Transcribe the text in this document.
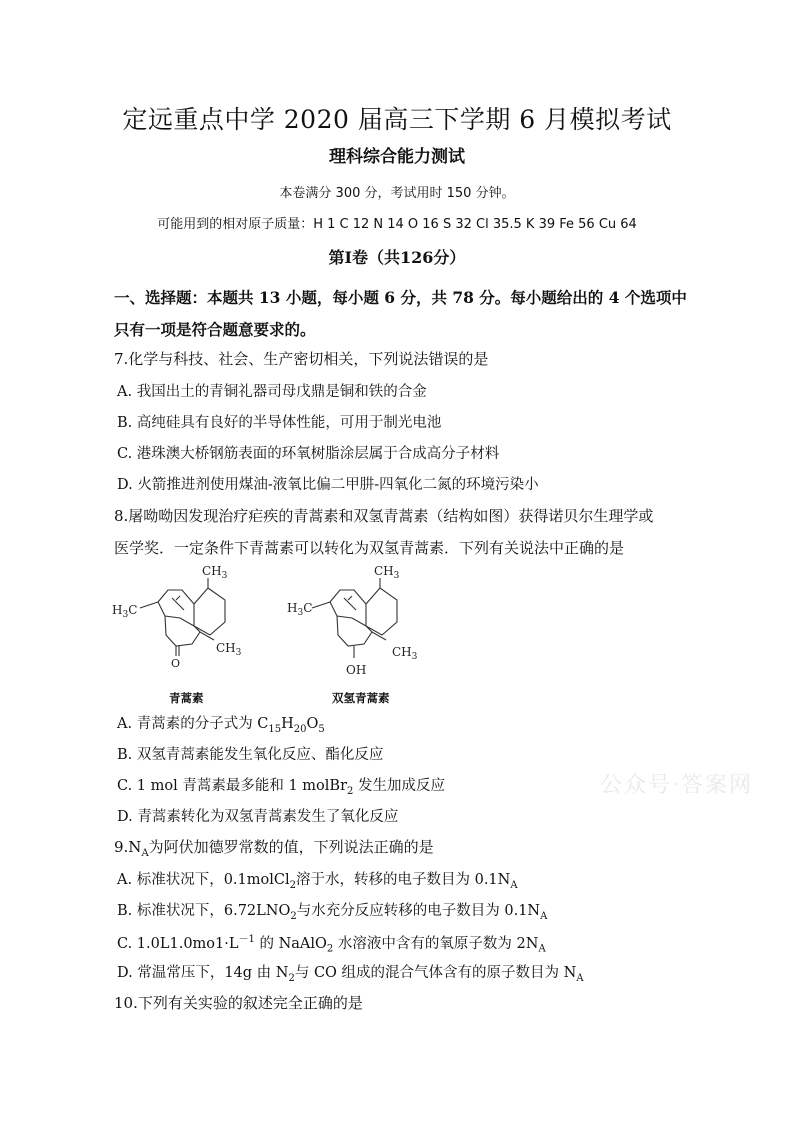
定远重点中学 2020 届高三下学期 6 月模拟考试
理科综合能力测试
本卷满分 300 分，考试用时 150 分钟。
可能用到的相对原子质量：H 1 C 12 N 14 O 16 S 32 Cl 35.5 K 39 Fe 56 Cu 64
第Ⅰ卷（共126分）
一、选择题：本题共 13 小题，每小题 6 分，共 78 分。每小题给出的 4 个选项中
只有一项是符合题意要求的。
7.化学与科技、社会、生产密切相关，下列说法错误的是
A. 我国出土的青铜礼器司母戊鼎是铜和铁的合金
B. 高纯硅具有良好的半导体性能，可用于制光电池
C. 港珠澳大桥钢筋表面的环氧树脂涂层属于合成高分子材料
D. 火箭推进剂使用煤油-液氧比偏二甲肼-四氧化二氮的环境污染小
8.屠呦呦因发现治疗疟疾的青蒿素和双氢青蒿素（结构如图）获得诺贝尔生理学或
医学奖．一定条件下青蒿素可以转化为双氢青蒿素．下列有关说法中正确的是
$CH_3$
$H_3C$
$CH_3$
O
青蒿素
$CH_3$
$H_3C$
$CH_3$
OH
双氢青蒿素
A. 青蒿素的分子式为 $C_{15}H_{20}O_5$
B. 双氢青蒿素能发生氧化反应、酯化反应
C. 1 mol 青蒿素最多能和 1 molBr$_2$ 发生加成反应
D. 青蒿素转化为双氢青蒿素发生了氧化反应
公众号·答案网
$9.N_A$为阿伏加德罗常数的值，下列说法正确的是
A. 标准状况下，0.1molCl$_2$溶于水，转移的电子数目为 $0.1N_A$
B. 标准状况下，$6.72LNO_2$与水充分反应转移的电子数目为 $0.1N_A$
C. $1.0L1.0mo1\cdot L^{-1}$ 的 NaAlO$_2$ 水溶液中含有的氧原子数为 $2N_A$
D. 常温常压下，14g 由 $N_2$与 CO 组成的混合气体含有的原子数目为 $N_A$
10.下列有关实验的叙述完全正确的是
